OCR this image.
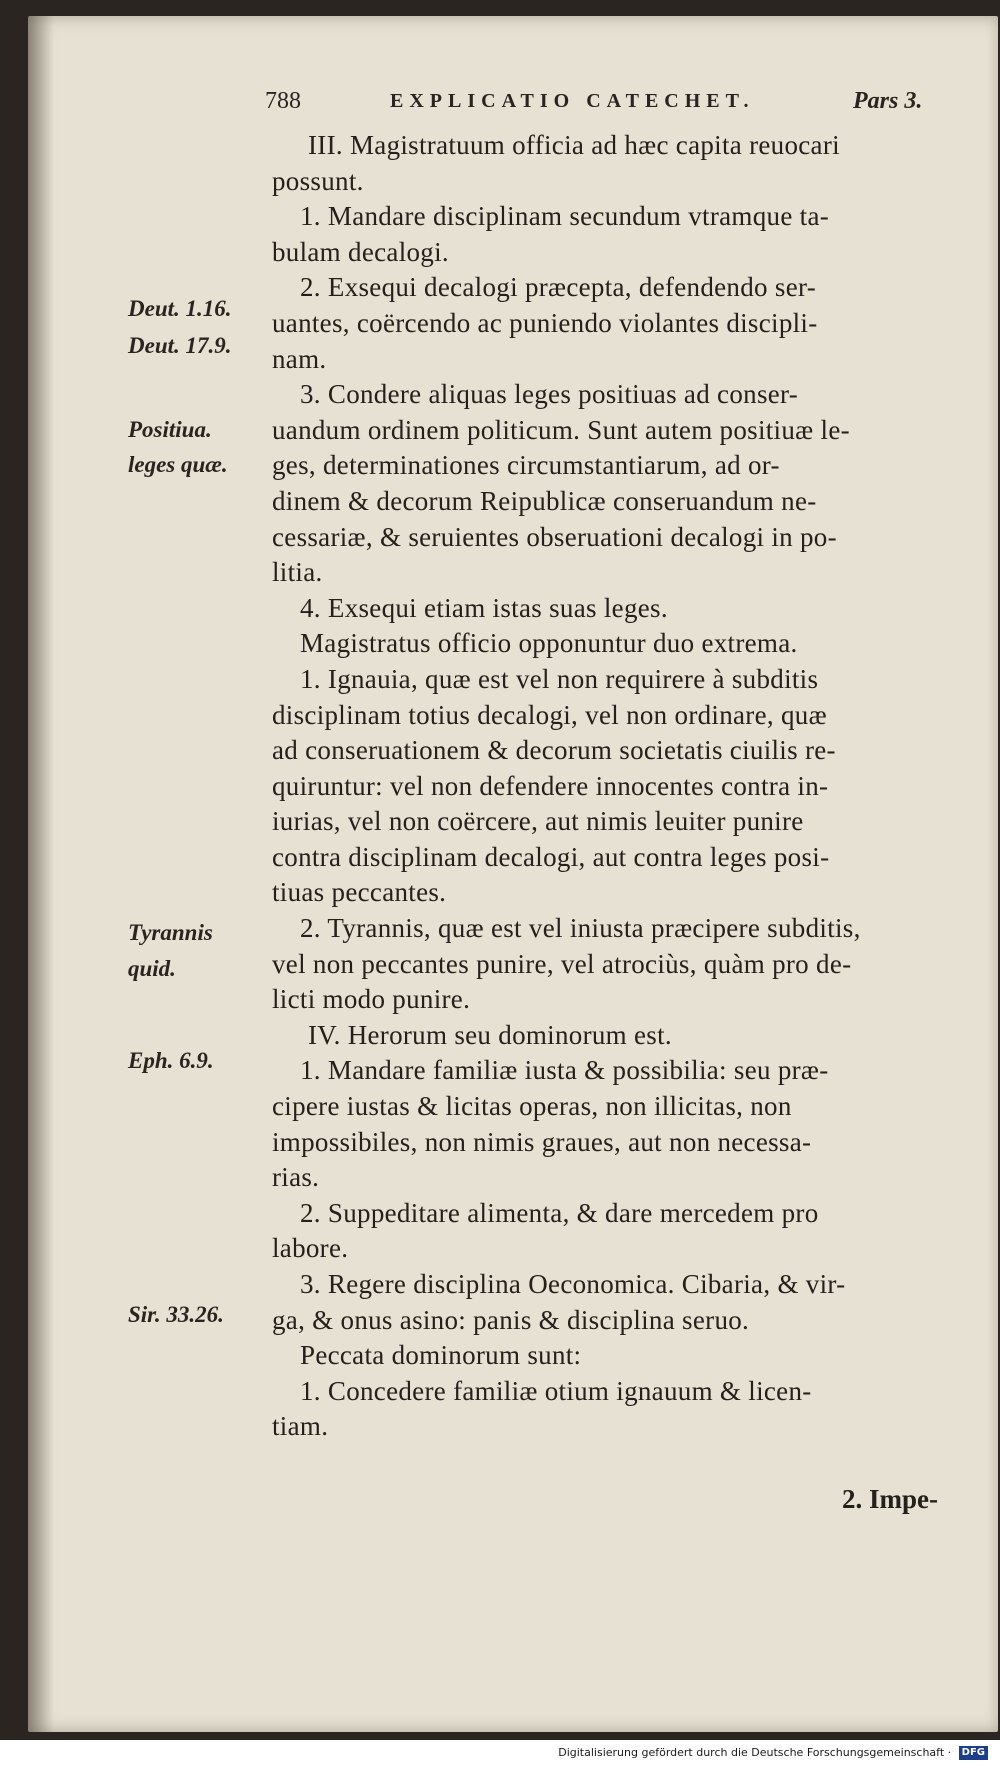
788	EXPLICATIO CATECHET.	Pars 3.
Deut. 1.16.
Deut. 17.9.
Positiua.
leges quæ.
Tyrannis
quid.
Eph. 6.9.
Sir. 33.26.
III. Magistratuum officia ad hæc capita reuocari
possunt.
1. Mandare disciplinam secundum vtramque ta-
bulam decalogi.
2. Exsequi decalogi præcepta, defendendo ser-
uantes, coërcendo ac puniendo violantes discipli-
nam.
3. Condere aliquas leges positiuas ad conser-
uandum ordinem politicum. Sunt autem positiuæ le-
ges, determinationes circumstantiarum, ad or-
dinem & decorum Reipublicæ conseruandum ne-
cessariæ, & seruientes obseruationi decalogi in po-
litia.
4. Exsequi etiam istas suas leges.
Magistratus officio opponuntur duo extrema.
1. Ignauia, quæ est vel non requirere à subditis
disciplinam totius decalogi, vel non ordinare, quæ
ad conseruationem & decorum societatis ciuilis re-
quiruntur: vel non defendere innocentes contra in-
iurias, vel non coërcere, aut nimis leuiter punire
contra disciplinam decalogi, aut contra leges posi-
tiuas peccantes.
2. Tyrannis, quæ est vel iniusta præcipere subditis,
vel non peccantes punire, vel atrociùs, quàm pro de-
licti modo punire.
IV. Herorum seu dominorum est.
1. Mandare familiæ iusta & possibilia: seu præ-
cipere iustas & licitas operas, non illicitas, non
impossibiles, non nimis graues, aut non necessa-
rias.
2. Suppeditare alimenta, & dare mercedem pro
labore.
3. Regere disciplina Oeconomica. Cibaria, & vir-
ga, & onus asino: panis & disciplina seruo.
Peccata dominorum sunt:
1. Concedere familiæ otium ignauum & licen-
tiam.
2. Impe-
Digitalisierung gefördert durch die Deutsche Forschungsgemeinschaft · DFG
